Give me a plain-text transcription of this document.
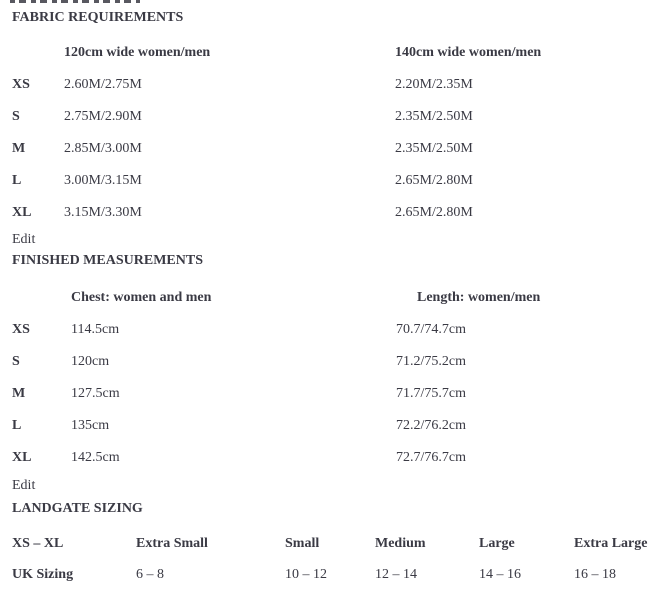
FABRIC REQUIREMENTS
120cm wide women/men	140cm wide women/men
XS 2.60M/2.75M	2.20M/2.35M
S	2.75M/2.90M	2.35M/2.50M
M	2.85M/3.00M	2.35M/2.50M
L	3.00M/3.15M	2.65M/2.80M
XL 3.15M/3.30M	2.65M/2.80M
Edit
FINISHED MEASUREMENTS
Chest: women and men	Length: women/men
XS	114.5cm	70.7/74.7cm
S	120cm	71.2/75.2cm
M	127.5cm	71.7/75.7cm
L	135cm	72.2/76.2cm
XL	142.5cm	72.7/76.7cm
Edit
LANDGATE SIZING
XS – XL	Extra Small	Small	Medium	Large	Extra Large
UK Sizing	6 – 8	10 – 12	12 – 14	14 – 16	16 – 18
